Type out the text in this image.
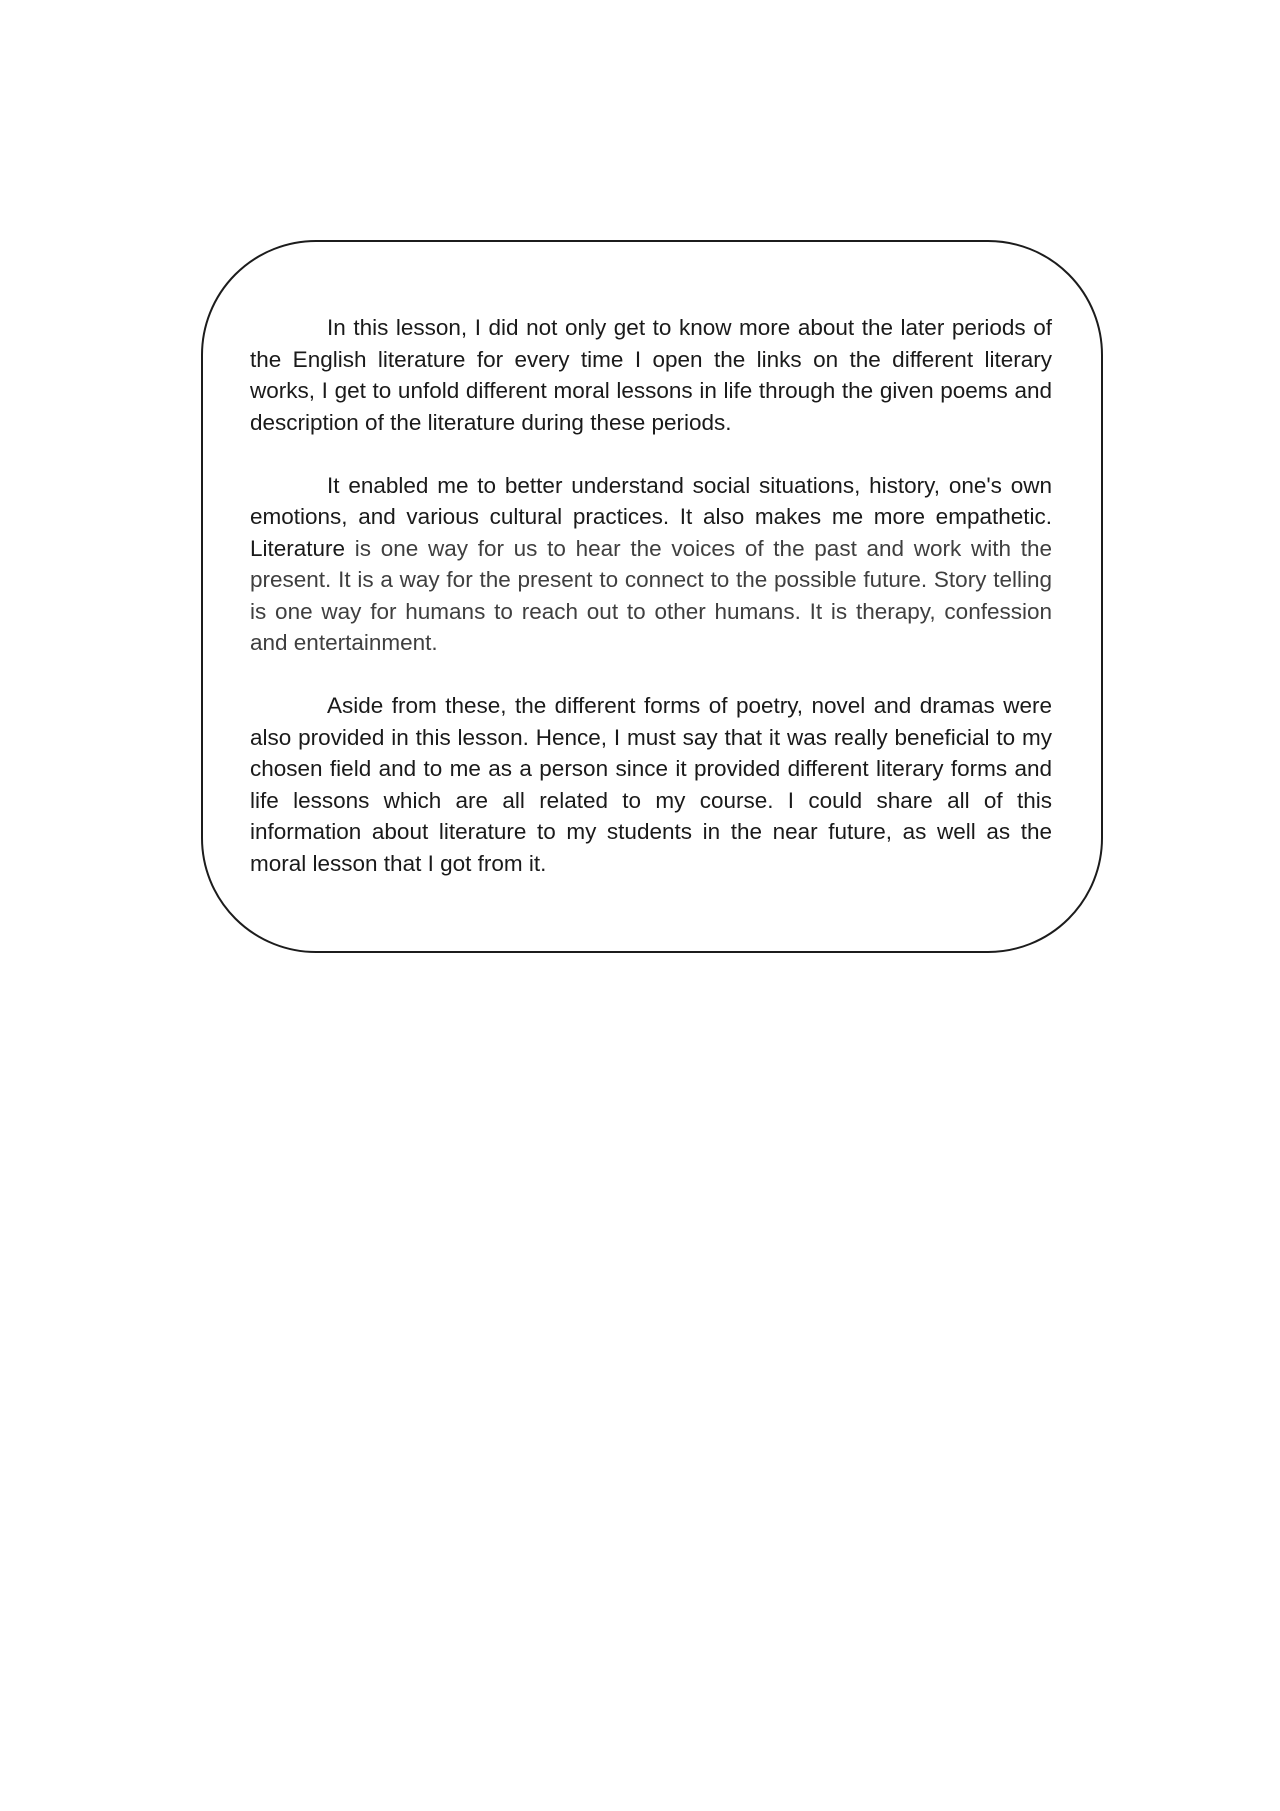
In this lesson, I did not only get to know more about the later periods of the English literature for every time I open the links on the different literary works, I get to unfold different moral lessons in life through the given poems and description of the literature during these periods.

It enabled me to better understand social situations, history, one's own emotions, and various cultural practices. It also makes me more empathetic. Literature is one way for us to hear the voices of the past and work with the present. It is a way for the present to connect to the possible future. Story telling is one way for humans to reach out to other humans. It is therapy, confession and entertainment.

Aside from these, the different forms of poetry, novel and dramas were also provided in this lesson. Hence, I must say that it was really beneficial to my chosen field and to me as a person since it provided different literary forms and life lessons which are all related to my course. I could share all of this information about literature to my students in the near future, as well as the moral lesson that I got from it.
